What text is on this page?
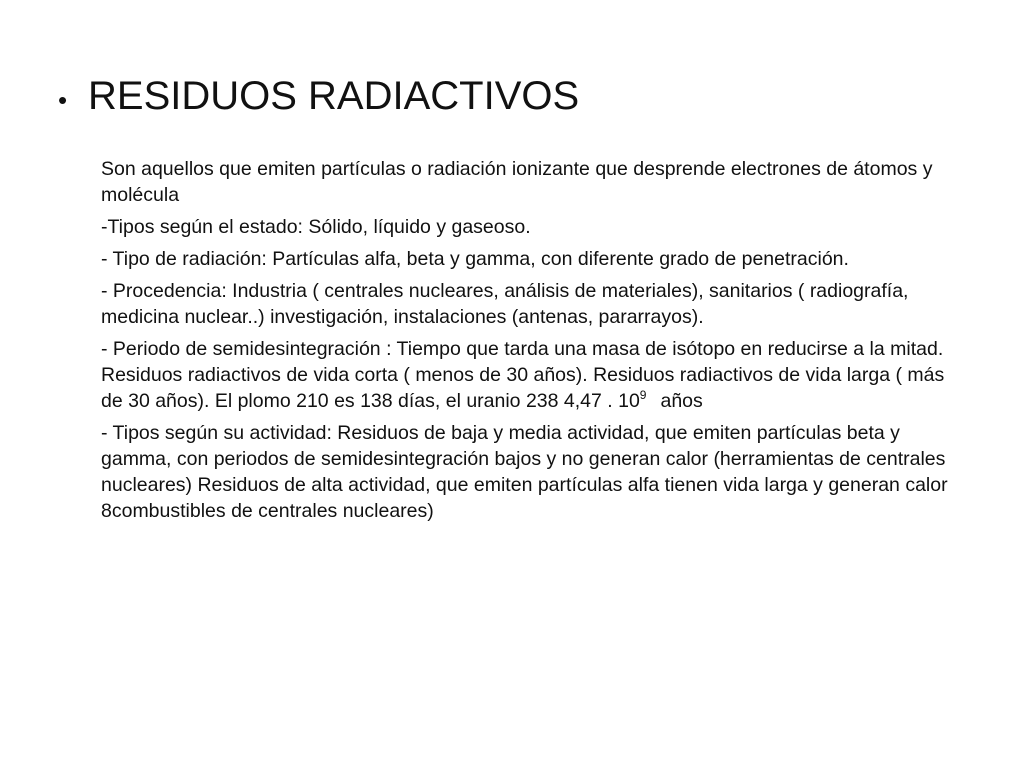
• RESIDUOS RADIACTIVOS

Son aquellos que emiten partículas o radiación ionizante que desprende electrones de átomos y molécula

-Tipos según el estado: Sólido, líquido y gaseoso.

- Tipo de radiación: Partículas alfa, beta y gamma, con diferente grado de penetración.

- Procedencia: Industria ( centrales nucleares, análisis de materiales), sanitarios ( radiografía, medicina nuclear..) investigación, instalaciones (antenas, pararrayos).

- Periodo de semidesintegración : Tiempo que tarda una masa de isótopo en reducirse a la mitad. Residuos radiactivos de vida corta ( menos de 30 años). Residuos radiactivos de vida larga ( más de 30 años). El plomo 210 es 138 días, el uranio 238 4,47 . $10^9$ años

- Tipos según su actividad: Residuos de baja y media actividad, que emiten partículas beta y gamma, con periodos de semidesintegración bajos y no generan calor (herramientas de centrales nucleares) Residuos de alta actividad, que emiten partículas alfa tienen vida larga y generan calor 8combustibles de centrales nucleares)
